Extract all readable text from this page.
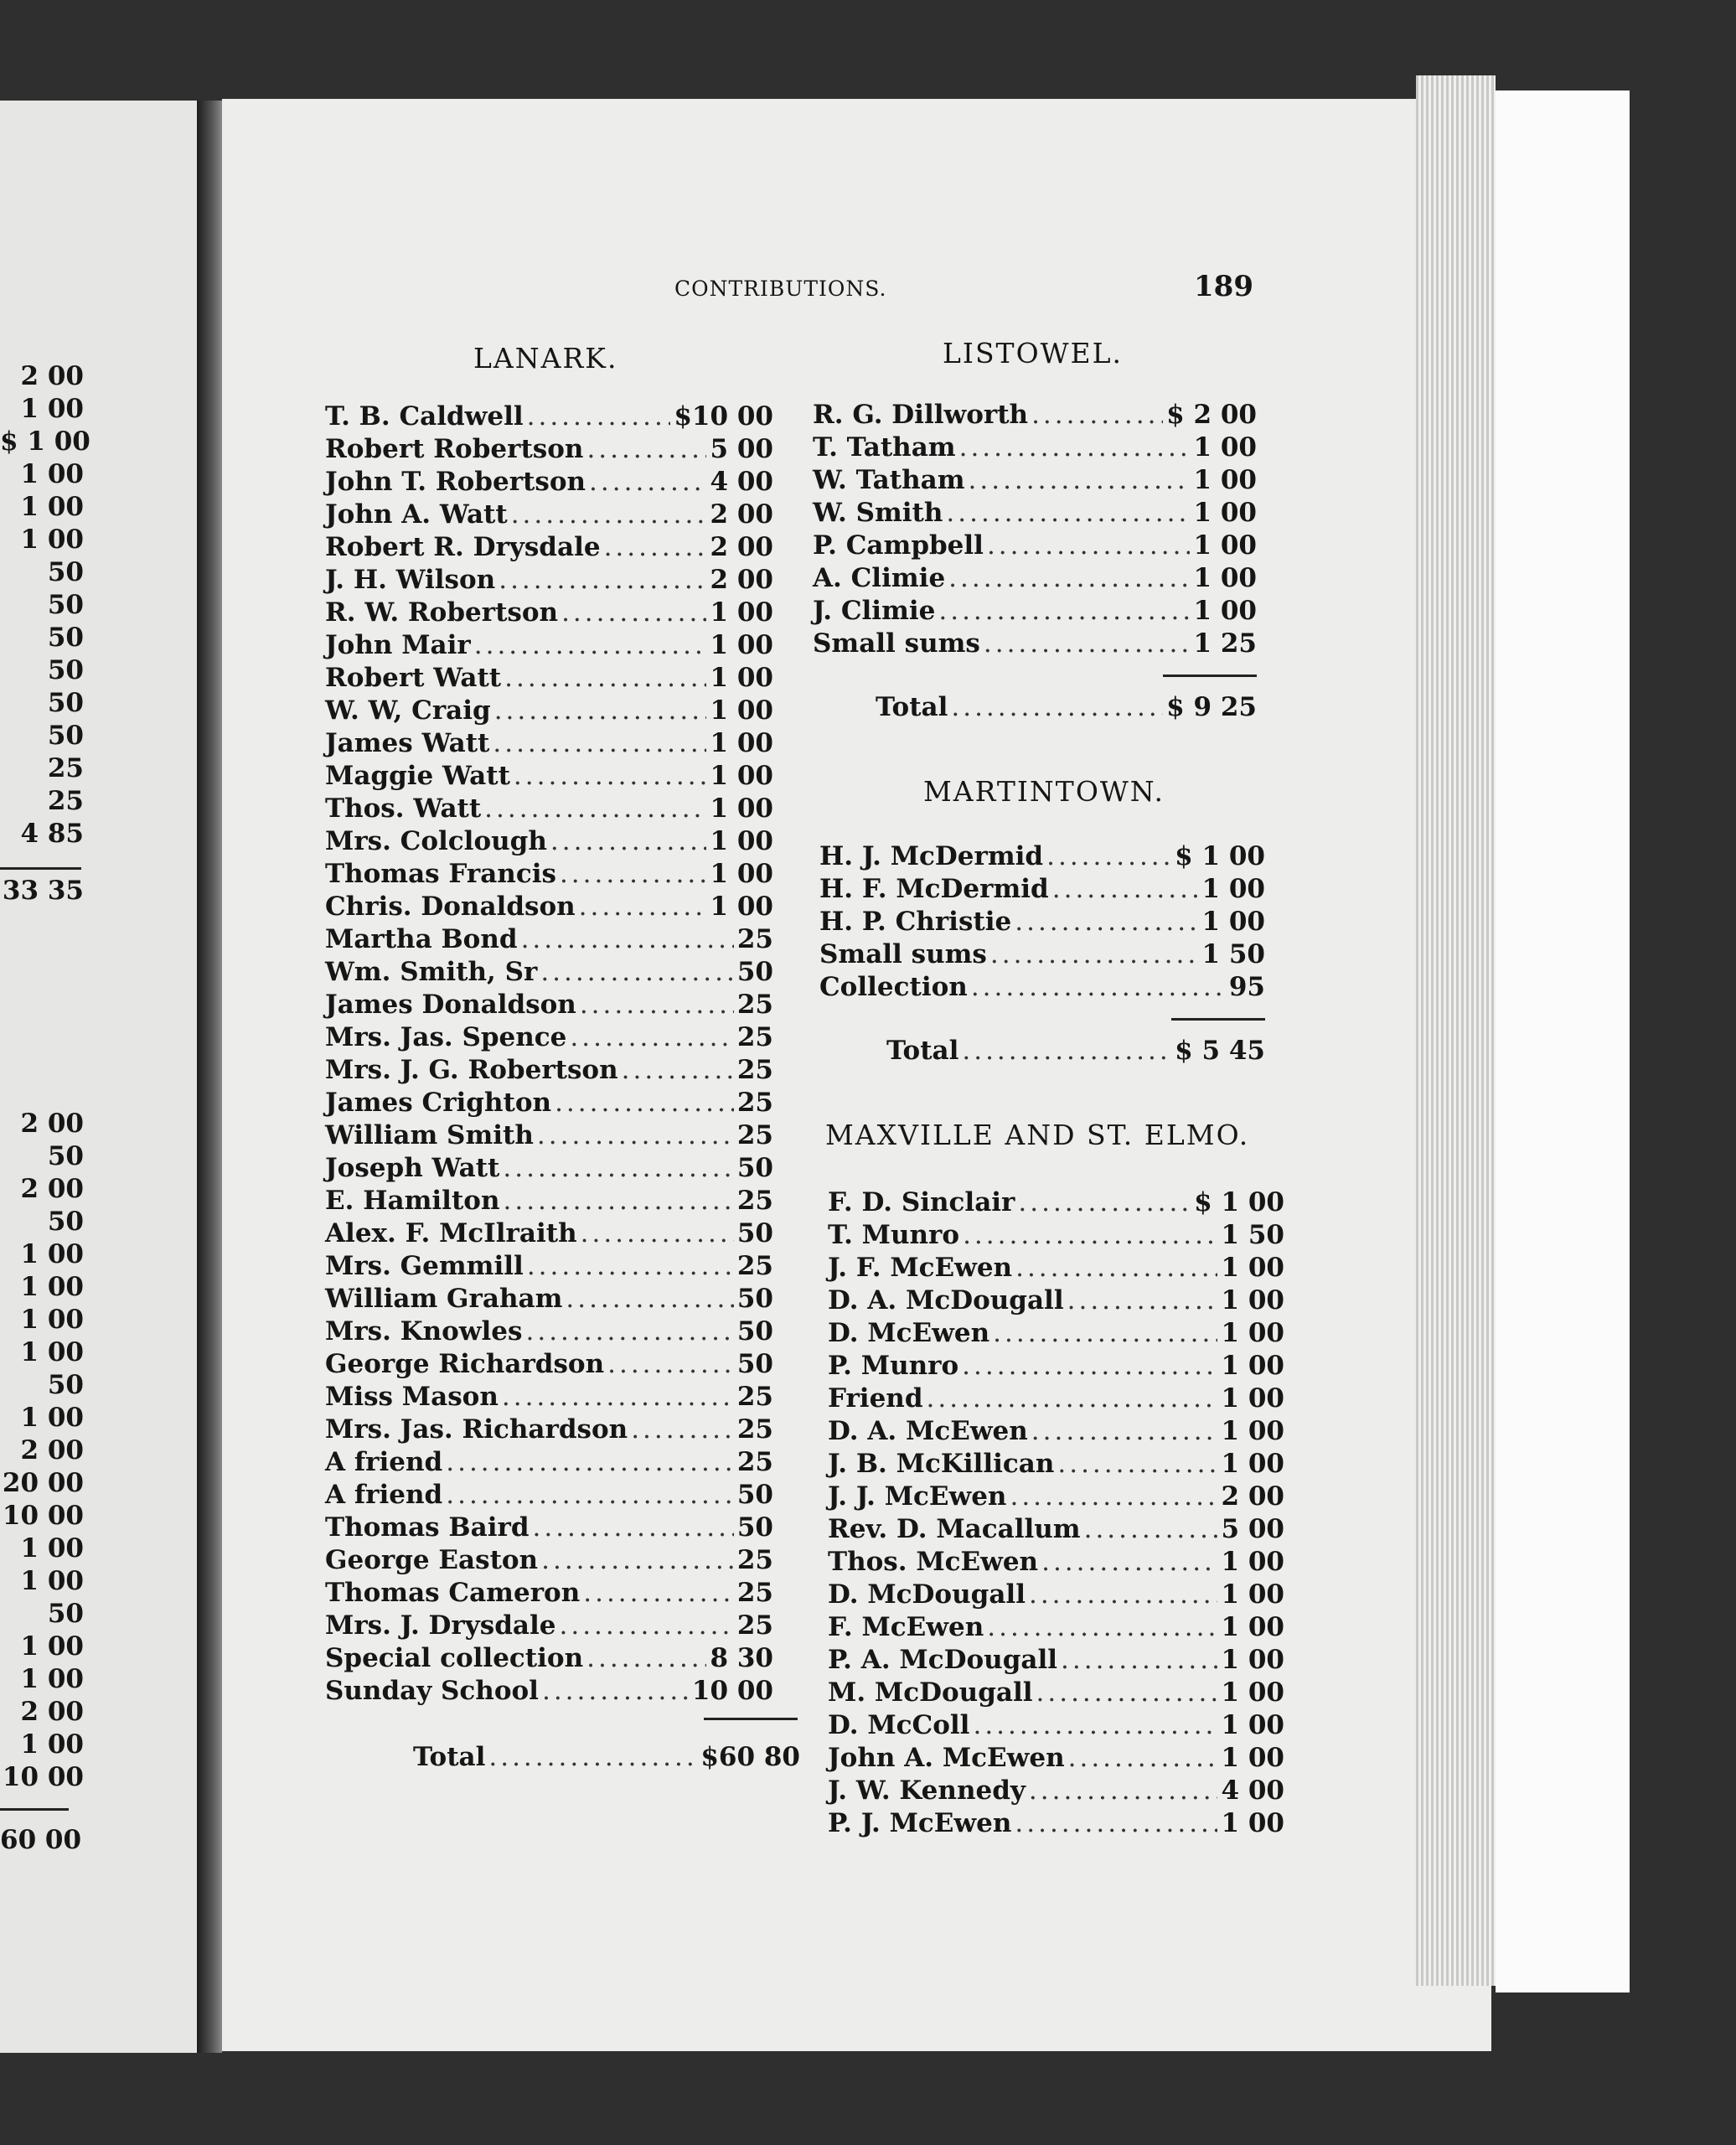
2 00
1 00
$ 1 00
1 00
1 00
1 00
50
50
50
50
50
50
25
25
4 85
2 00
50
2 00
50
1 00
1 00
1 00
1 00
50
1 00
2 00
20 00
10 00
1 00
1 00
50
1 00
1 00
2 00
1 00
10 00
33 35
60 00
CONTRIBUTIONS.	189
LANARK.
T. B. Caldwell .....	$10 00
Robert Robertson .....	5 00
John T. Robertson .....	4 00
John A. Watt .....	2 00
Robert R. Drysdale .....	2 00
J. H. Wilson .....	2 00
R. W. Robertson .....	1 00
John Mair .....	1 00
Robert Watt .....	1 00
W. W, Craig .....	1 00
James Watt .....	1 00
Maggie Watt .....	1 00
Thos. Watt .....	1 00
Mrs. Colclough .....	1 00
Thomas Francis .....	1 00
Chris. Donaldson .....	1 00
Martha Bond .....	25
Wm. Smith, Sr .....	50
James Donaldson .....	25
Mrs. Jas. Spence .....	25
Mrs. J. G. Robertson .....	25
James Crighton .....	25
William Smith .....	25
Joseph Watt .....	50
E. Hamilton .....	25
Alex. F. McIlraith .....	50
Mrs. Gemmill .....	25
William Graham .....	50
Mrs. Knowles .....	50
George Richardson .....	50
Miss Mason .....	25
Mrs. Jas. Richardson .....	25
A friend .....	25
A friend .....	50
Thomas Baird .....	50
George Easton .....	25
Thomas Cameron .....	25
Mrs. J. Drysdale .....	25
Special collection .....	8 30
Sunday School .....	10 00
Total .....	$60 80
LISTOWEL.
R. G. Dillworth .....	$ 2 00
T. Tatham .....	1 00
W. Tatham .....	1 00
W. Smith .....	1 00
P. Campbell .....	1 00
A. Climie .....	1 00
J. Climie .....	1 00
Small sums .....	1 25
Total .....	$ 9 25
MARTINTOWN.
H. J. McDermid .....	$ 1 00
H. F. McDermid .....	1 00
H. P. Christie .....	1 00
Small sums .....	1 50
Collection .....	95
Total .....	$ 5 45
MAXVILLE AND ST. ELMO.
F. D. Sinclair .....	$ 1 00
T. Munro .....	1 50
J. F. McEwen .....	1 00
D. A. McDougall .....	1 00
D. McEwen .....	1 00
P. Munro .....	1 00
Friend .....	1 00
D. A. McEwen .....	1 00
J. B. McKillican .....	1 00
J. J. McEwen .....	2 00
Rev. D. Macallum .....	5 00
Thos. McEwen .....	1 00
D. McDougall .....	1 00
F. McEwen .....	1 00
P. A. McDougall .....	1 00
M. McDougall .....	1 00
D. McColl .....	1 00
John A. McEwen .....	1 00
J. W. Kennedy .....	4 00
P. J. McEwen .....	1 00
